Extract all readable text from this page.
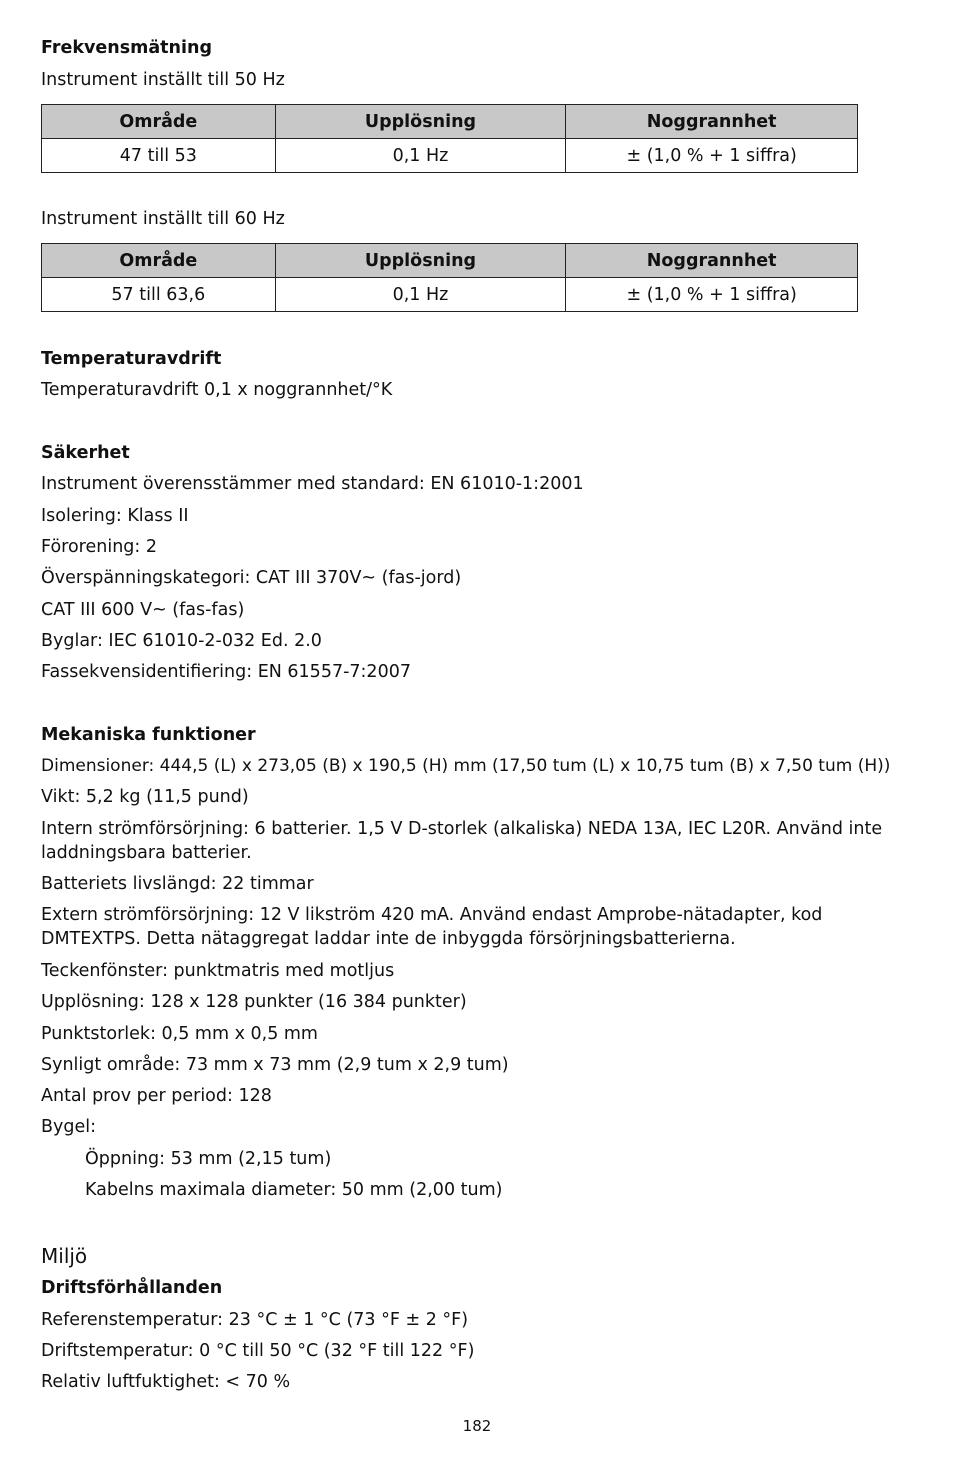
Frekvensmätning
Instrument inställt till 50 Hz
Område	Upplösning	Noggrannhet
47 till 53	0,1 Hz	± (1,0 % + 1 siffra)
Instrument inställt till 60 Hz
Område	Upplösning	Noggrannhet
57 till 63,6	0,1 Hz	± (1,0 % + 1 siffra)
Temperaturavdrift
Temperaturavdrift 0,1 x noggrannhet/°K
Säkerhet
Instrument överensstämmer med standard: EN 61010-1:2001
Isolering: Klass II
Förorening: 2
Överspänningskategori: CAT III 370V~ (fas-jord)
CAT III 600 V~ (fas-fas)
Byglar: IEC 61010-2-032 Ed. 2.0
Fassekvensidentifiering: EN 61557-7:2007
Mekaniska funktioner
Dimensioner: 444,5 (L) x 273,05 (B) x 190,5 (H) mm (17,50 tum (L) x 10,75 tum (B) x 7,50 tum (H))
Vikt: 5,2 kg (11,5 pund)
Intern strömförsörjning: 6 batterier. 1,5 V D-storlek (alkaliska) NEDA 13A, IEC L20R. Använd inte laddningsbara batterier.
Batteriets livslängd: 22 timmar
Extern strömförsörjning: 12 V likström 420 mA. Använd endast Amprobe-nätadapter, kod DMTEXTPS. Detta nätaggregat laddar inte de inbyggda försörjningsbatterierna.
Teckenfönster: punktmatris med motljus
Upplösning: 128 x 128 punkter (16 384 punkter)
Punktstorlek: 0,5 mm x 0,5 mm
Synligt område: 73 mm x 73 mm (2,9 tum x 2,9 tum)
Antal prov per period: 128
Bygel:
Öppning: 53 mm (2,15 tum)
Kabelns maximala diameter: 50 mm (2,00 tum)
Miljö
Driftsförhållanden
Referenstemperatur: 23 °C ± 1 °C (73 °F ± 2 °F)
Driftstemperatur: 0 °C till 50 °C (32 °F till 122 °F)
Relativ luftfuktighet: < 70 %
182
